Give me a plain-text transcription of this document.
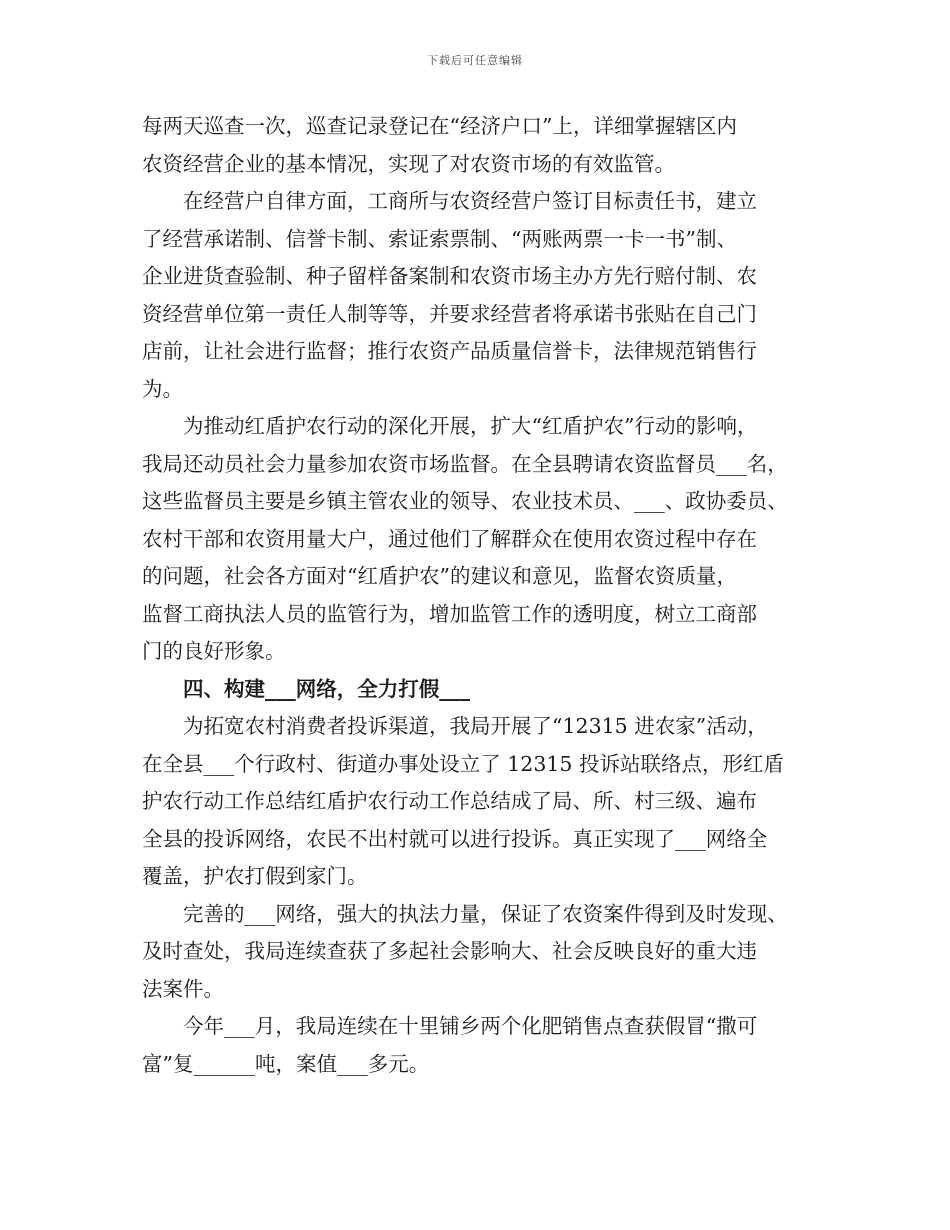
下载后可任意编辑

每两天巡查一次，巡查记录登记在“经济户口”上，详细掌握辖区内
农资经营企业的基本情况，实现了对农资市场的有效监管。

在经营户自律方面，工商所与农资经营户签订目标责任书，建立
了经营承诺制、信誉卡制、索证索票制、“两账两票一卡一书”制、
企业进货查验制、种子留样备案制和农资市场主办方先行赔付制、农
资经营单位第一责任人制等等，并要求经营者将承诺书张贴在自己门
店前，让社会进行监督；推行农资产品质量信誉卡，法律规范销售行
为。

为推动红盾护农行动的深化开展，扩大“红盾护农”行动的影响，
我局还动员社会力量参加农资市场监督。在全县聘请农资监督员___名，
这些监督员主要是乡镇主管农业的领导、农业技术员、___、政协委员、
农村干部和农资用量大户，通过他们了解群众在使用农资过程中存在
的问题，社会各方面对“红盾护农”的建议和意见，监督农资质量，
监督工商执法人员的监管行为，增加监管工作的透明度，树立工商部
门的良好形象。

四、构建___网络，全力打假___

为拓宽农村消费者投诉渠道，我局开展了“12315 进农家”活动，
在全县___个行政村、街道办事处设立了 12315 投诉站联络点，形红盾
护农行动工作总结红盾护农行动工作总结成了局、所、村三级、遍布
全县的投诉网络，农民不出村就可以进行投诉。真正实现了___网络全
覆盖，护农打假到家门。

完善的___网络，强大的执法力量，保证了农资案件得到及时发现、
及时查处，我局连续查获了多起社会影响大、社会反映良好的重大违
法案件。

今年___月，我局连续在十里铺乡两个化肥销售点查获假冒“撒可
富”复______吨，案值___多元。
